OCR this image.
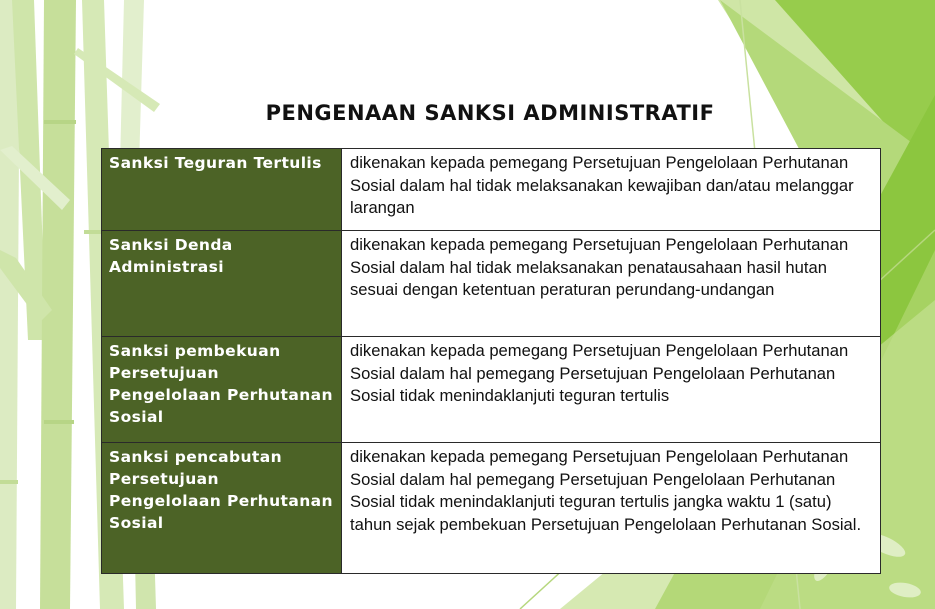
PENGENAAN SANKSI ADMINISTRATIF
Sanksi Teguran Tertulis	dikenakan kepada pemegang Persetujuan Pengelolaan Perhutanan Sosial dalam hal tidak melaksanakan kewajiban dan/atau melanggar larangan
Sanksi Denda Administrasi	dikenakan kepada pemegang Persetujuan Pengelolaan Perhutanan Sosial dalam hal tidak melaksanakan penatausahaan hasil hutan sesuai dengan ketentuan peraturan perundang-undangan
Sanksi pembekuan Persetujuan Pengelolaan Perhutanan Sosial	dikenakan kepada pemegang Persetujuan Pengelolaan Perhutanan Sosial dalam hal pemegang Persetujuan Pengelolaan Perhutanan Sosial tidak menindaklanjuti teguran tertulis
Sanksi pencabutan Persetujuan Pengelolaan Perhutanan Sosial	dikenakan kepada pemegang Persetujuan Pengelolaan Perhutanan Sosial dalam hal pemegang Persetujuan Pengelolaan Perhutanan Sosial tidak menindaklanjuti teguran tertulis jangka waktu 1 (satu) tahun sejak pembekuan Persetujuan Pengelolaan Perhutanan Sosial.
